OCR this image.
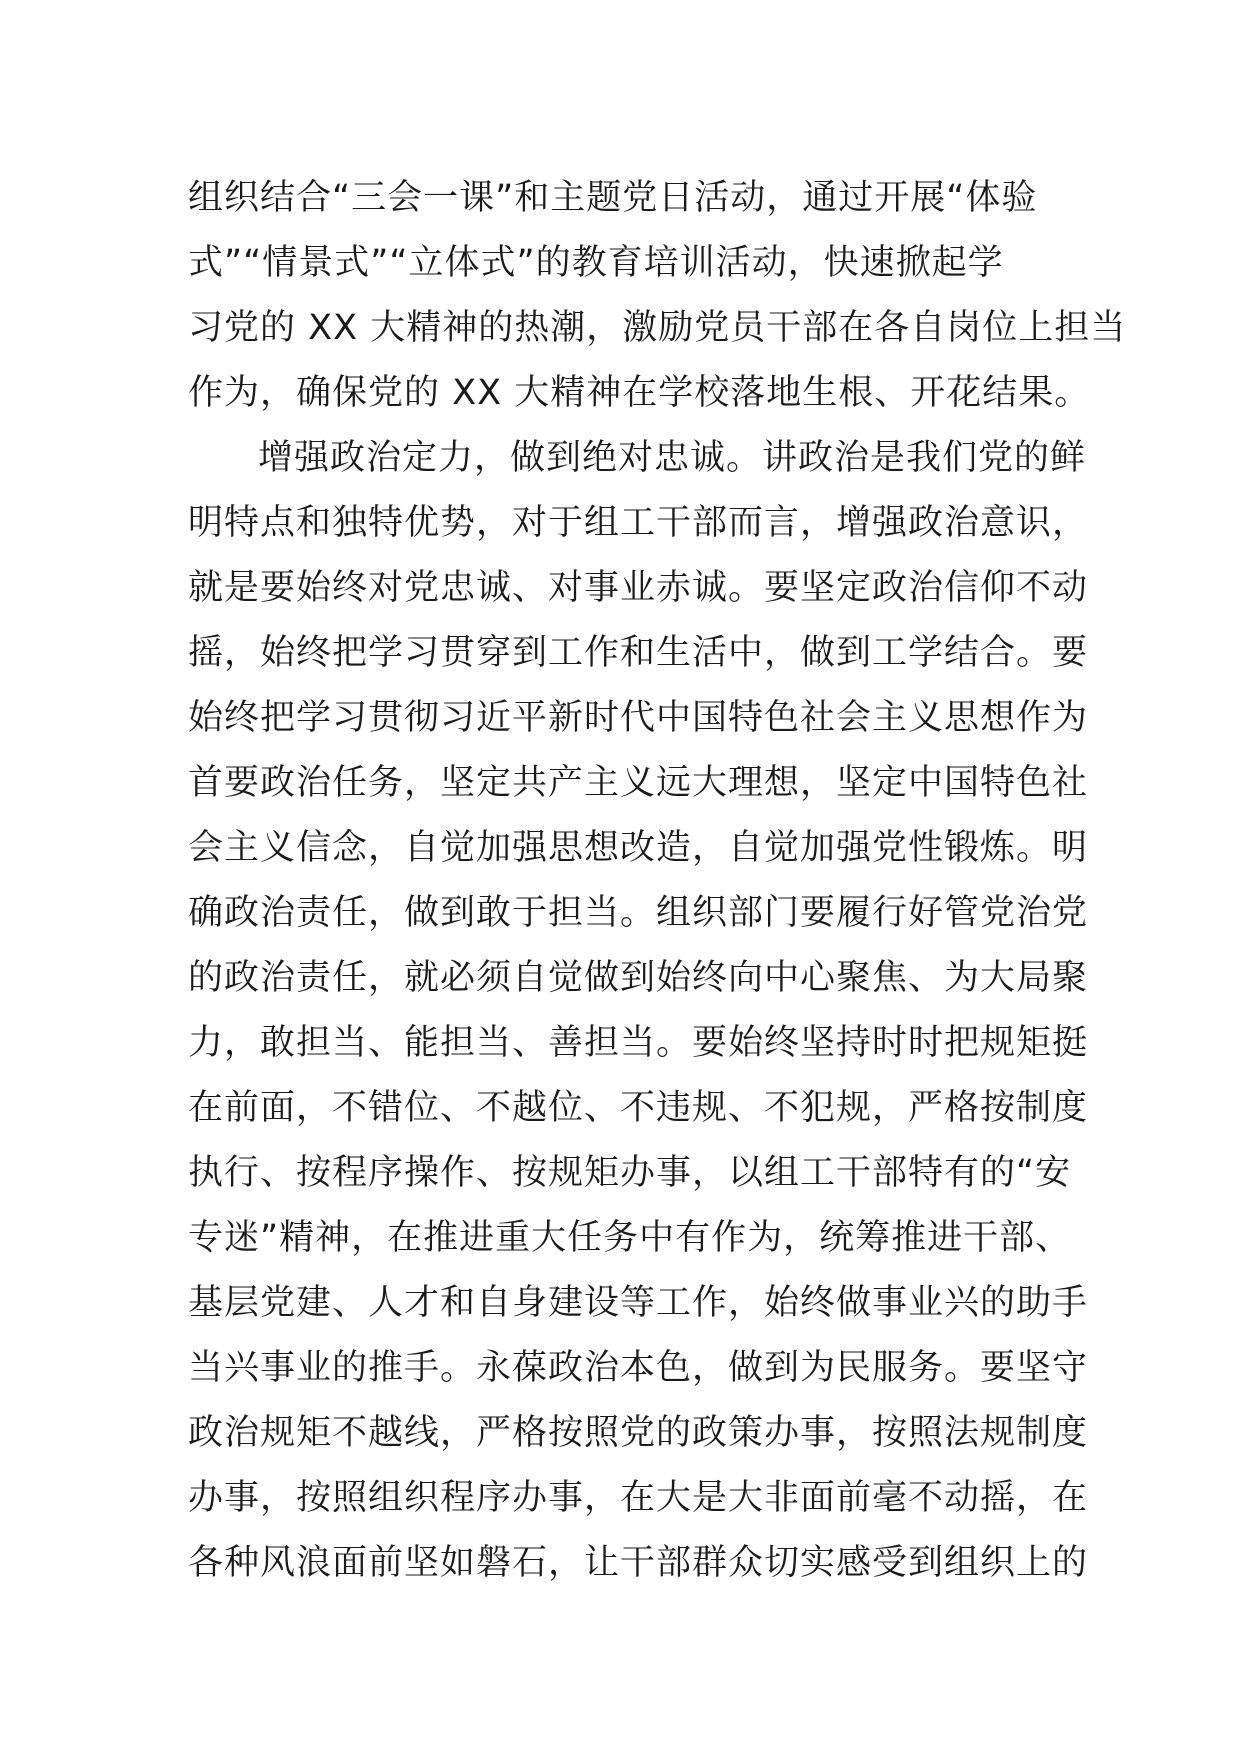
组织结合“三会一课”和主题党日活动，通过开展“体验
式”“情景式”“立体式”的教育培训活动，快速掀起学
习党的 XX 大精神的热潮，激励党员干部在各自岗位上担当
作为，确保党的 XX 大精神在学校落地生根、开花结果。
增强政治定力，做到绝对忠诚。讲政治是我们党的鲜
明特点和独特优势，对于组工干部而言，增强政治意识，
就是要始终对党忠诚、对事业赤诚。要坚定政治信仰不动
摇，始终把学习贯穿到工作和生活中，做到工学结合。要
始终把学习贯彻习近平新时代中国特色社会主义思想作为
首要政治任务，坚定共产主义远大理想，坚定中国特色社
会主义信念，自觉加强思想改造，自觉加强党性锻炼。明
确政治责任，做到敢于担当。组织部门要履行好管党治党
的政治责任，就必须自觉做到始终向中心聚焦、为大局聚
力，敢担当、能担当、善担当。要始终坚持时时把规矩挺
在前面，不错位、不越位、不违规、不犯规，严格按制度
执行、按程序操作、按规矩办事，以组工干部特有的“安
专迷”精神，在推进重大任务中有作为，统筹推进干部、
基层党建、人才和自身建设等工作，始终做事业兴的助手
当兴事业的推手。永葆政治本色，做到为民服务。要坚守
政治规矩不越线，严格按照党的政策办事，按照法规制度
办事，按照组织程序办事，在大是大非面前毫不动摇，在
各种风浪面前坚如磐石，让干部群众切实感受到组织上的
